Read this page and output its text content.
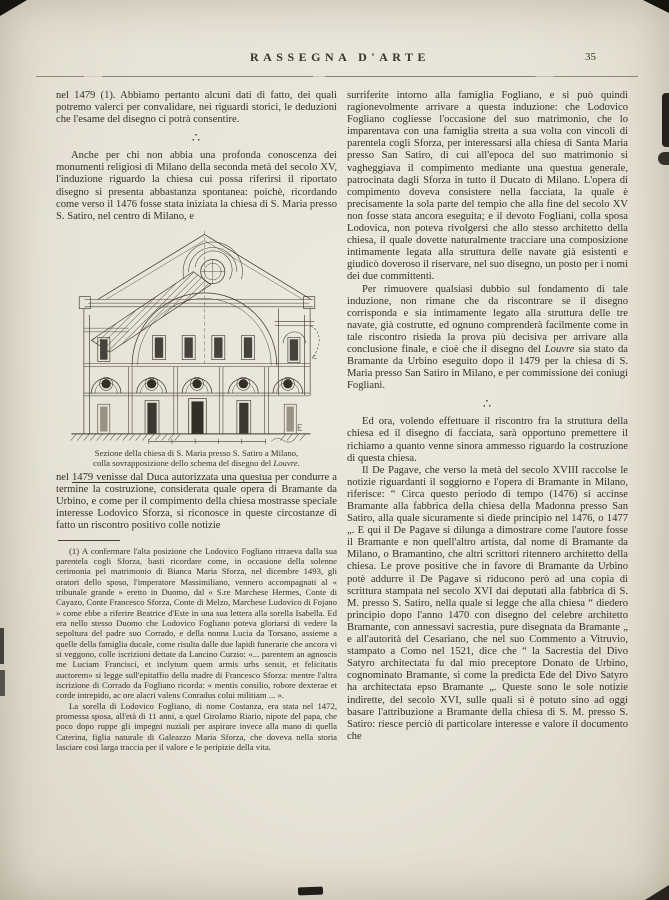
RASSEGNA D'ARTE	35

nel 1479 (1). Abbiamo pertanto alcuni dati di fatto, dei quali potremo valerci per convalidare, nei riguardi storici, le deduzioni che l'esame del disegno ci potrà consentire.

∴

Anche per chi non abbia una profonda conoscenza dei monumenti religiosi di Milano della seconda metà del secolo XV, l'induzione riguardo la chiesa cui possa riferirsi il riportato disegno si presenta abbastanza spontanea: poichè, ricordando come verso il 1476 fosse stata iniziata la chiesa di S. Maria presso S. Satiro, nel centro di Milano, e

Sezione della chiesa di S. Maria presso S. Satiro a Milano,
colla sovrapposizione dello schema del disegno del Louvre.

nel 1479 venisse dal Duca autorizzata una questua per condurre a termine la costruzione, considerata quale opera di Bramante da Urbino, e come per il compimento della chiesa mostrasse speciale interesse Lodovico Sforza, si riconosce in queste circostanze di fatto un riscontro positivo colle notizie

(1) A confermare l'alta posizione che Lodovico Fogliano ritraeva dalla sua parentela cogli Sforza, basti ricordare come, in occasione della solenne cerimonia pel matrimonio di Bianca Maria Sforza, nel dicembre 1493, gli oratori dello sposo, l'imperatore Massimiliano, vennero accompagnati al « tribunale grande » eretto in Duomo, dal « S.re Marchese Hermes, Conte di Cayazo, Conte Francesco Sforza, Conte di Melzo, Marchese Ludovico di Fojano » come ebbe a riferire Beatrice d'Este in una sua lettera alla sorella Isabella. Ed era nello stesso Duomo che Lodovico Fogliano poteva gloriarsi di vedere la sepoltura del padre suo Corrado, e della nonna Lucia da Torsano, assieme a quelle della famiglia ducale, come risulta dalle due lapidi funerarie che ancora vi si veggono, colle iscrizioni dettate da Lancino Curzio: «... parentem an agnoscis me Luciam Francisci, et inclytum quem armis urbs sensit, et felicitatis auctorem» si legge sull'epitaffio della madre di Francesco Sforza: mentre l'altra iscrizione di Corrado da Fogliano ricorda: « mentis consilio, robore dexterae et corde intrepido, ac ore alacri valens Conradus colui militiam ... ».

La sorella di Lodovico Fogliano, di nome Costanza, era stata nel 1472, promessa sposa, all'età di 11 anni, a quel Girolamo Riario, nipote del papa, che poco dopo ruppe gli impegni nuziali per aspirare invece alla mano di quella Caterina, figlia naturale di Galeazzo Maria Sforza, che doveva nella storia lasciare così larga traccia per il valore e le peripizie della vita.

surriferite intorno alla famiglia Fogliano, e si può quindi ragionevolmente arrivare a questa induzione: che Lodovico Fogliano cogliesse l'occasione del suo matrimonio, che lo imparentava con una famiglia stretta a sua volta con vincoli di parentela cogli Sforza, per interessarsi alla chiesa di Santa Maria presso San Satiro, di cui all'epoca del suo matrimonio si vagheggiava il compimento mediante una questua generale, patrocinata dagli Sforza in tutto il Ducato di Milano. L'opera di compimento doveva consistere nella facciata, la quale è precisamente la sola parte del tempio che alla fine del secolo XV non fosse stata ancora eseguita; e il devoto Fogliani, colla sposa Lodovica, non poteva rivolgersi che allo stesso architetto della chiesa, il quale dovette naturalmente tracciare una composizione intimamente legata alla struttura delle navate già esistenti e giudicò doveroso il riservare, nel suo disegno, un posto per i nomi dei due committenti.

Per rimuovere qualsiasi dubbio sul fondamento di tale induzione, non rimane che da riscontrare se il disegno corrisponda e sia intimamente legato alla struttura delle tre navate, già costrutte, ed ognuno comprenderà facilmente come in tale riscontro risieda la prova più decisiva per arrivare alla conclusione finale, e cioè che il disegno del Louvre sia stato da Bramante da Urbino eseguito dopo il 1479 per la chiesa di S. Maria presso San Satiro in Milano, e per commissione dei coniugi Fogliani.

∴

Ed ora, volendo effettuare il riscontro fra la struttura della chiesa ed il disegno di facciata, sarà opportuno premettere il richiamo a quanto venne sinora ammesso riguardo la costruzione di questa chiesa.

Il De Pagave, che verso la metà del secolo XVIII raccolse le notizie riguardanti il soggiorno e l'opera di Bramante in Milano, riferisce: “ Circa questo periodo di tempo (1476) si accinse Bramante alla fabbrica della chiesa della Madonna presso San Satiro, alla quale sicuramente si diede principio nel 1476, o 1477 „. E qui il De Pagave si dilunga a dimostrare come l'autore fosse il Bramante e non quell'altro artista, dal nome di Bramante da Milano, o Bramantino, che altri scrittori ritennero architetto della chiesa. Le prove positive che in favore di Bramante da Urbino potè addurre il De Pagave si riducono però ad una copia di scrittura stampata nel secolo XVI dai deputati alla fabbrica di S. M. presso S. Satiro, nella quale si legge che alla chiesa “ diedero principio dopo l'anno 1470 con disegno del celebre architetto Bramante, con annessavi sacrestia, pure disegnata da Bramante „ e all'autorità del Cesariano, che nel suo Commento a Vitruvio, stampato a Como nel 1521, dice che “ la Sacrestia del Divo Satyro architectata fu dal mio preceptore Donato de Urbino, cognominato Bramante, si come la predicta Ede del Divo Satyro ha architectata epso Bramante „. Queste sono le sole notizie indirette, del secolo XVI, sulle quali si è potuto sino ad oggi basare l'attribuzione a Bramante della chiesa di S. M. presso S. Satiro: riesce perciò di particolare interesse e valore il documento che
